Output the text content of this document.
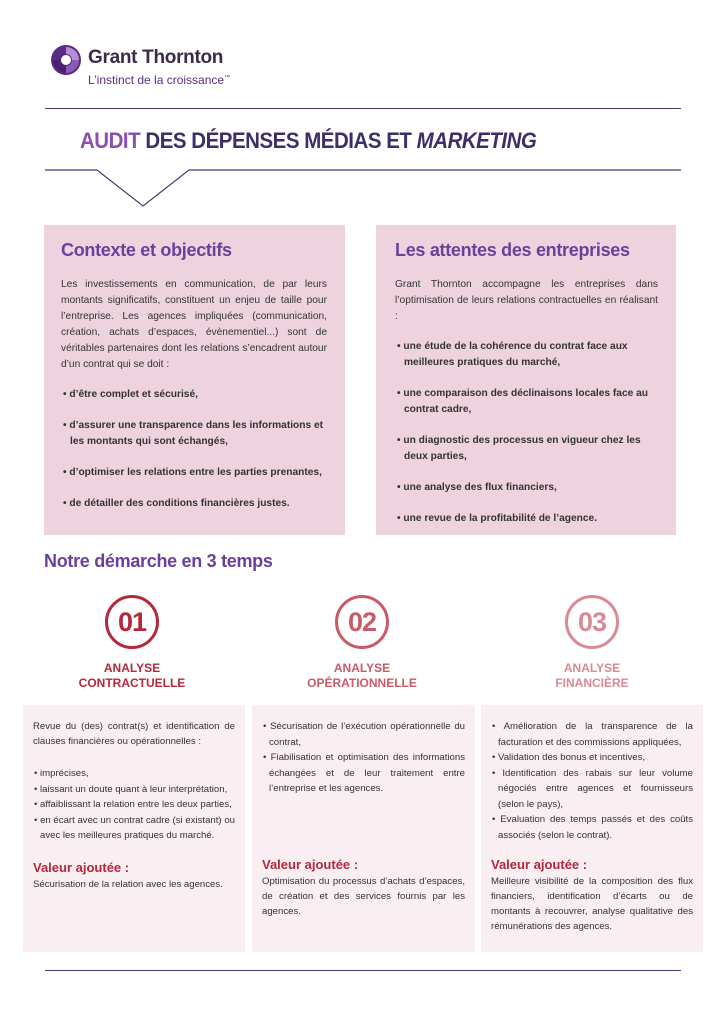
Grant Thornton
L’instinct de la croissance™
AUDIT DES DÉPENSES MÉDIAS ET MARKETING
Contexte et objectifs

Les investissements en communication, de par leurs montants significatifs, constituent un enjeu de taille pour l’entreprise. Les agences impliquées (communication, création, achats d’espaces, évènementiel...) sont de véritables partenaires dont les relations s’encadrent autour d’un contrat qui se doit :

• d’être complet et sécurisé,
• d’assurer une transparence dans les informations et les montants qui sont échangés,
• d’optimiser les relations entre les parties prenantes,
• de détailler des conditions financières justes.
Les attentes des entreprises

Grant Thornton accompagne les entreprises dans l’optimisation de leurs relations contractuelles en réalisant :

• une étude de la cohérence du contrat face aux meilleures pratiques du marché,
• une comparaison des déclinaisons locales face au contrat cadre,
• un diagnostic des processus en vigueur chez les deux parties,
• une analyse des flux financiers,
• une revue de la profitabilité de l’agence.
Notre démarche en 3 temps
01
ANALYSE
CONTRACTUELLE
02
ANALYSE
OPÉRATIONNELLE
03
ANALYSE
FINANCIÈRE

Revue du (des) contrat(s) et identification de clauses financières ou opérationnelles :

• imprécises,
• laissant un doute quant à leur interprétation,
• affaiblissant la relation entre les deux parties,
• en écart avec un contrat cadre (si existant) ou avec les meilleures pratiques du marché.
Valeur ajoutée :
Sécurisation de la relation avec les agences.
• Sécurisation de l’exécution opérationnelle du contrat,
• Fiabilisation et optimisation des informations échangées et de leur traitement entre l’entreprise et les agences.
Valeur ajoutée :
Optimisation du processus d’achats d’espaces, de création et des services fournis par les agences.
• Amélioration de la transparence de la facturation et des commissions appliquées,
• Validation des bonus et incentives,
• Identification des rabais sur leur volume négociés entre agences et fournisseurs (selon le pays),
• Evaluation des temps passés et des coûts associés (selon le contrat).
Valeur ajoutée :
Meilleure visibilité de la composition des flux financiers, identification d’écarts ou de montants à recouvrer, analyse qualitative des rémunérations des agences.
